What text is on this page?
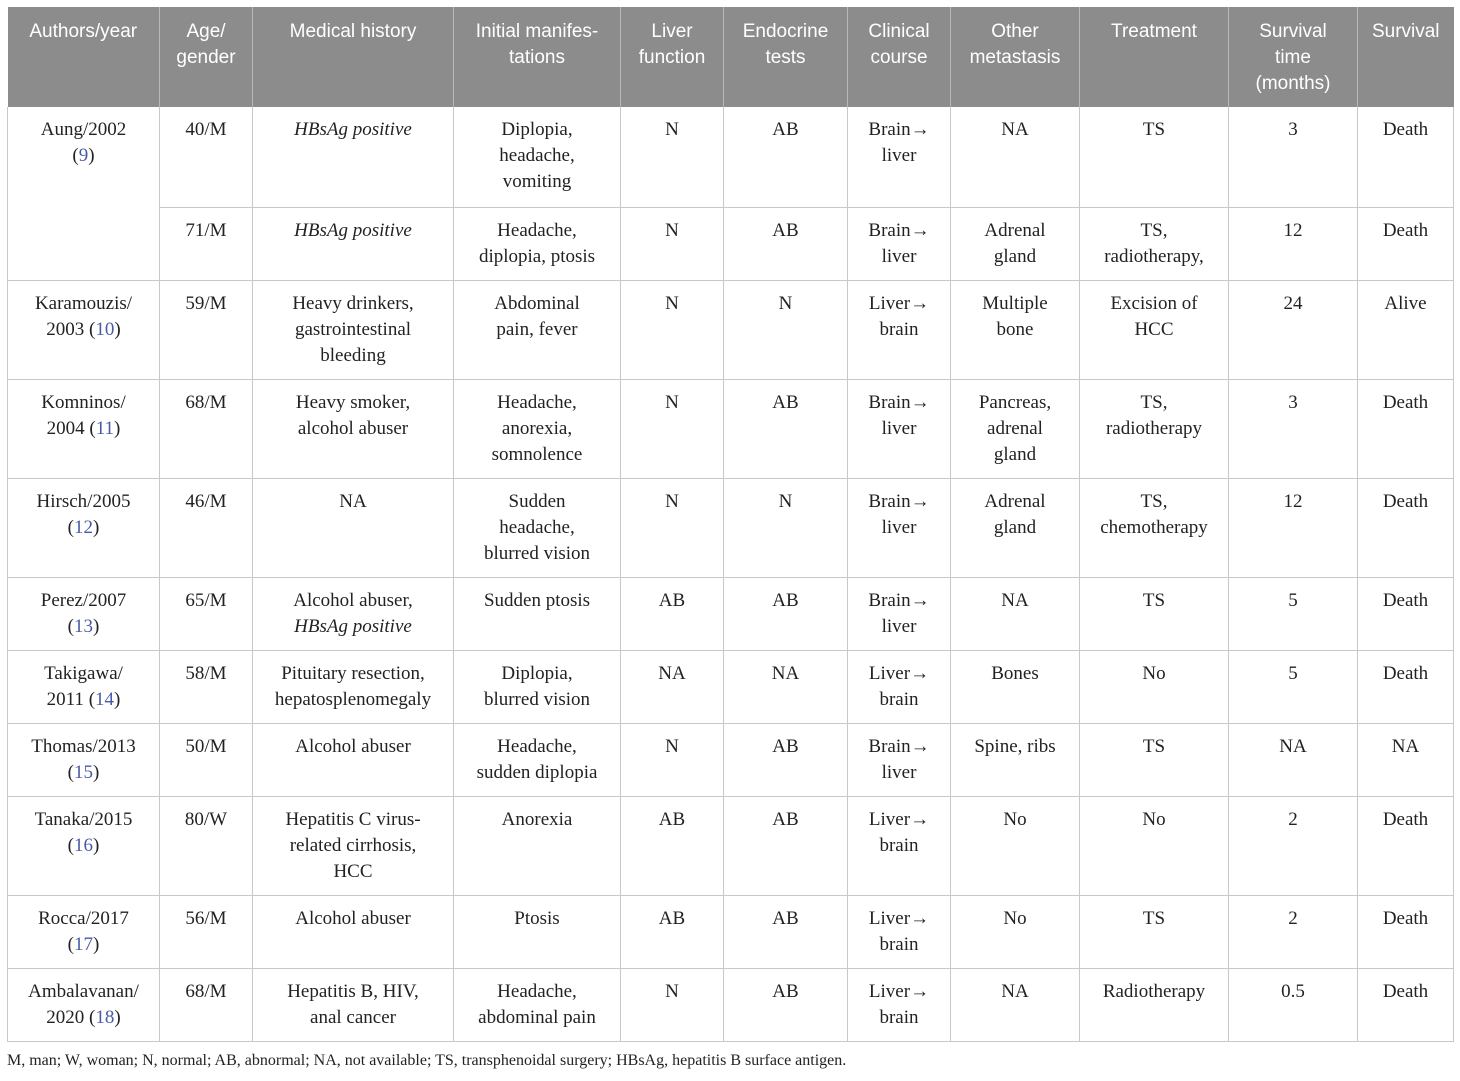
Authors/year	Age/
gender	Medical history	Initial manifes-
tations	Liver
function	Endocrine
tests	Clinical
course	Other
metastasis	Treatment	Survival
time
(months)	Survival

Aung/2002
(9)	40/M	HBsAg positive	Diplopia,
headache,
vomiting	N	AB	Brain→
liver	NA	TS	3	Death
	71/M	HBsAg positive	Headache,
diplopia, ptosis	N	AB	Brain→
liver	Adrenal
gland	TS,
radiotherapy,	12	Death

Karamouzis/
2003 (10)	59/M	Heavy drinkers,
gastrointestinal
bleeding	Abdominal
pain, fever	N	N	Liver→
brain	Multiple
bone	Excision of
HCC	24	Alive

Komninos/
2004 (11)	68/M	Heavy smoker,
alcohol abuser	Headache,
anorexia,
somnolence	N	AB	Brain→
liver	Pancreas,
adrenal
gland	TS,
radiotherapy	3	Death

Hirsch/2005
(12)	46/M	NA	Sudden
headache,
blurred vision	N	N	Brain→
liver	Adrenal
gland	TS,
chemotherapy	12	Death

Perez/2007
(13)	65/M	Alcohol abuser,
HBsAg positive	Sudden ptosis	AB	AB	Brain→
liver	NA	TS	5	Death

Takigawa/
2011 (14)	58/M	Pituitary resection,
hepatosplenomegaly	Diplopia,
blurred vision	NA	NA	Liver→
brain	Bones	No	5	Death

Thomas/2013
(15)	50/M	Alcohol abuser	Headache,
sudden diplopia	N	AB	Brain→
liver	Spine, ribs	TS	NA	NA

Tanaka/2015
(16)	80/W	Hepatitis C virus-
related cirrhosis,
HCC	Anorexia	AB	AB	Liver→
brain	No	No	2	Death

Rocca/2017
(17)	56/M	Alcohol abuser	Ptosis	AB	AB	Liver→
brain	No	TS	2	Death

Ambalavanan/
2020 (18)	68/M	Hepatitis B, HIV,
anal cancer	Headache,
abdominal pain	N	AB	Liver→
brain	NA	Radiotherapy	0.5	Death
M, man; W, woman; N, normal; AB, abnormal; NA, not available; TS, transphenoidal surgery; HBsAg, hepatitis B surface antigen.
